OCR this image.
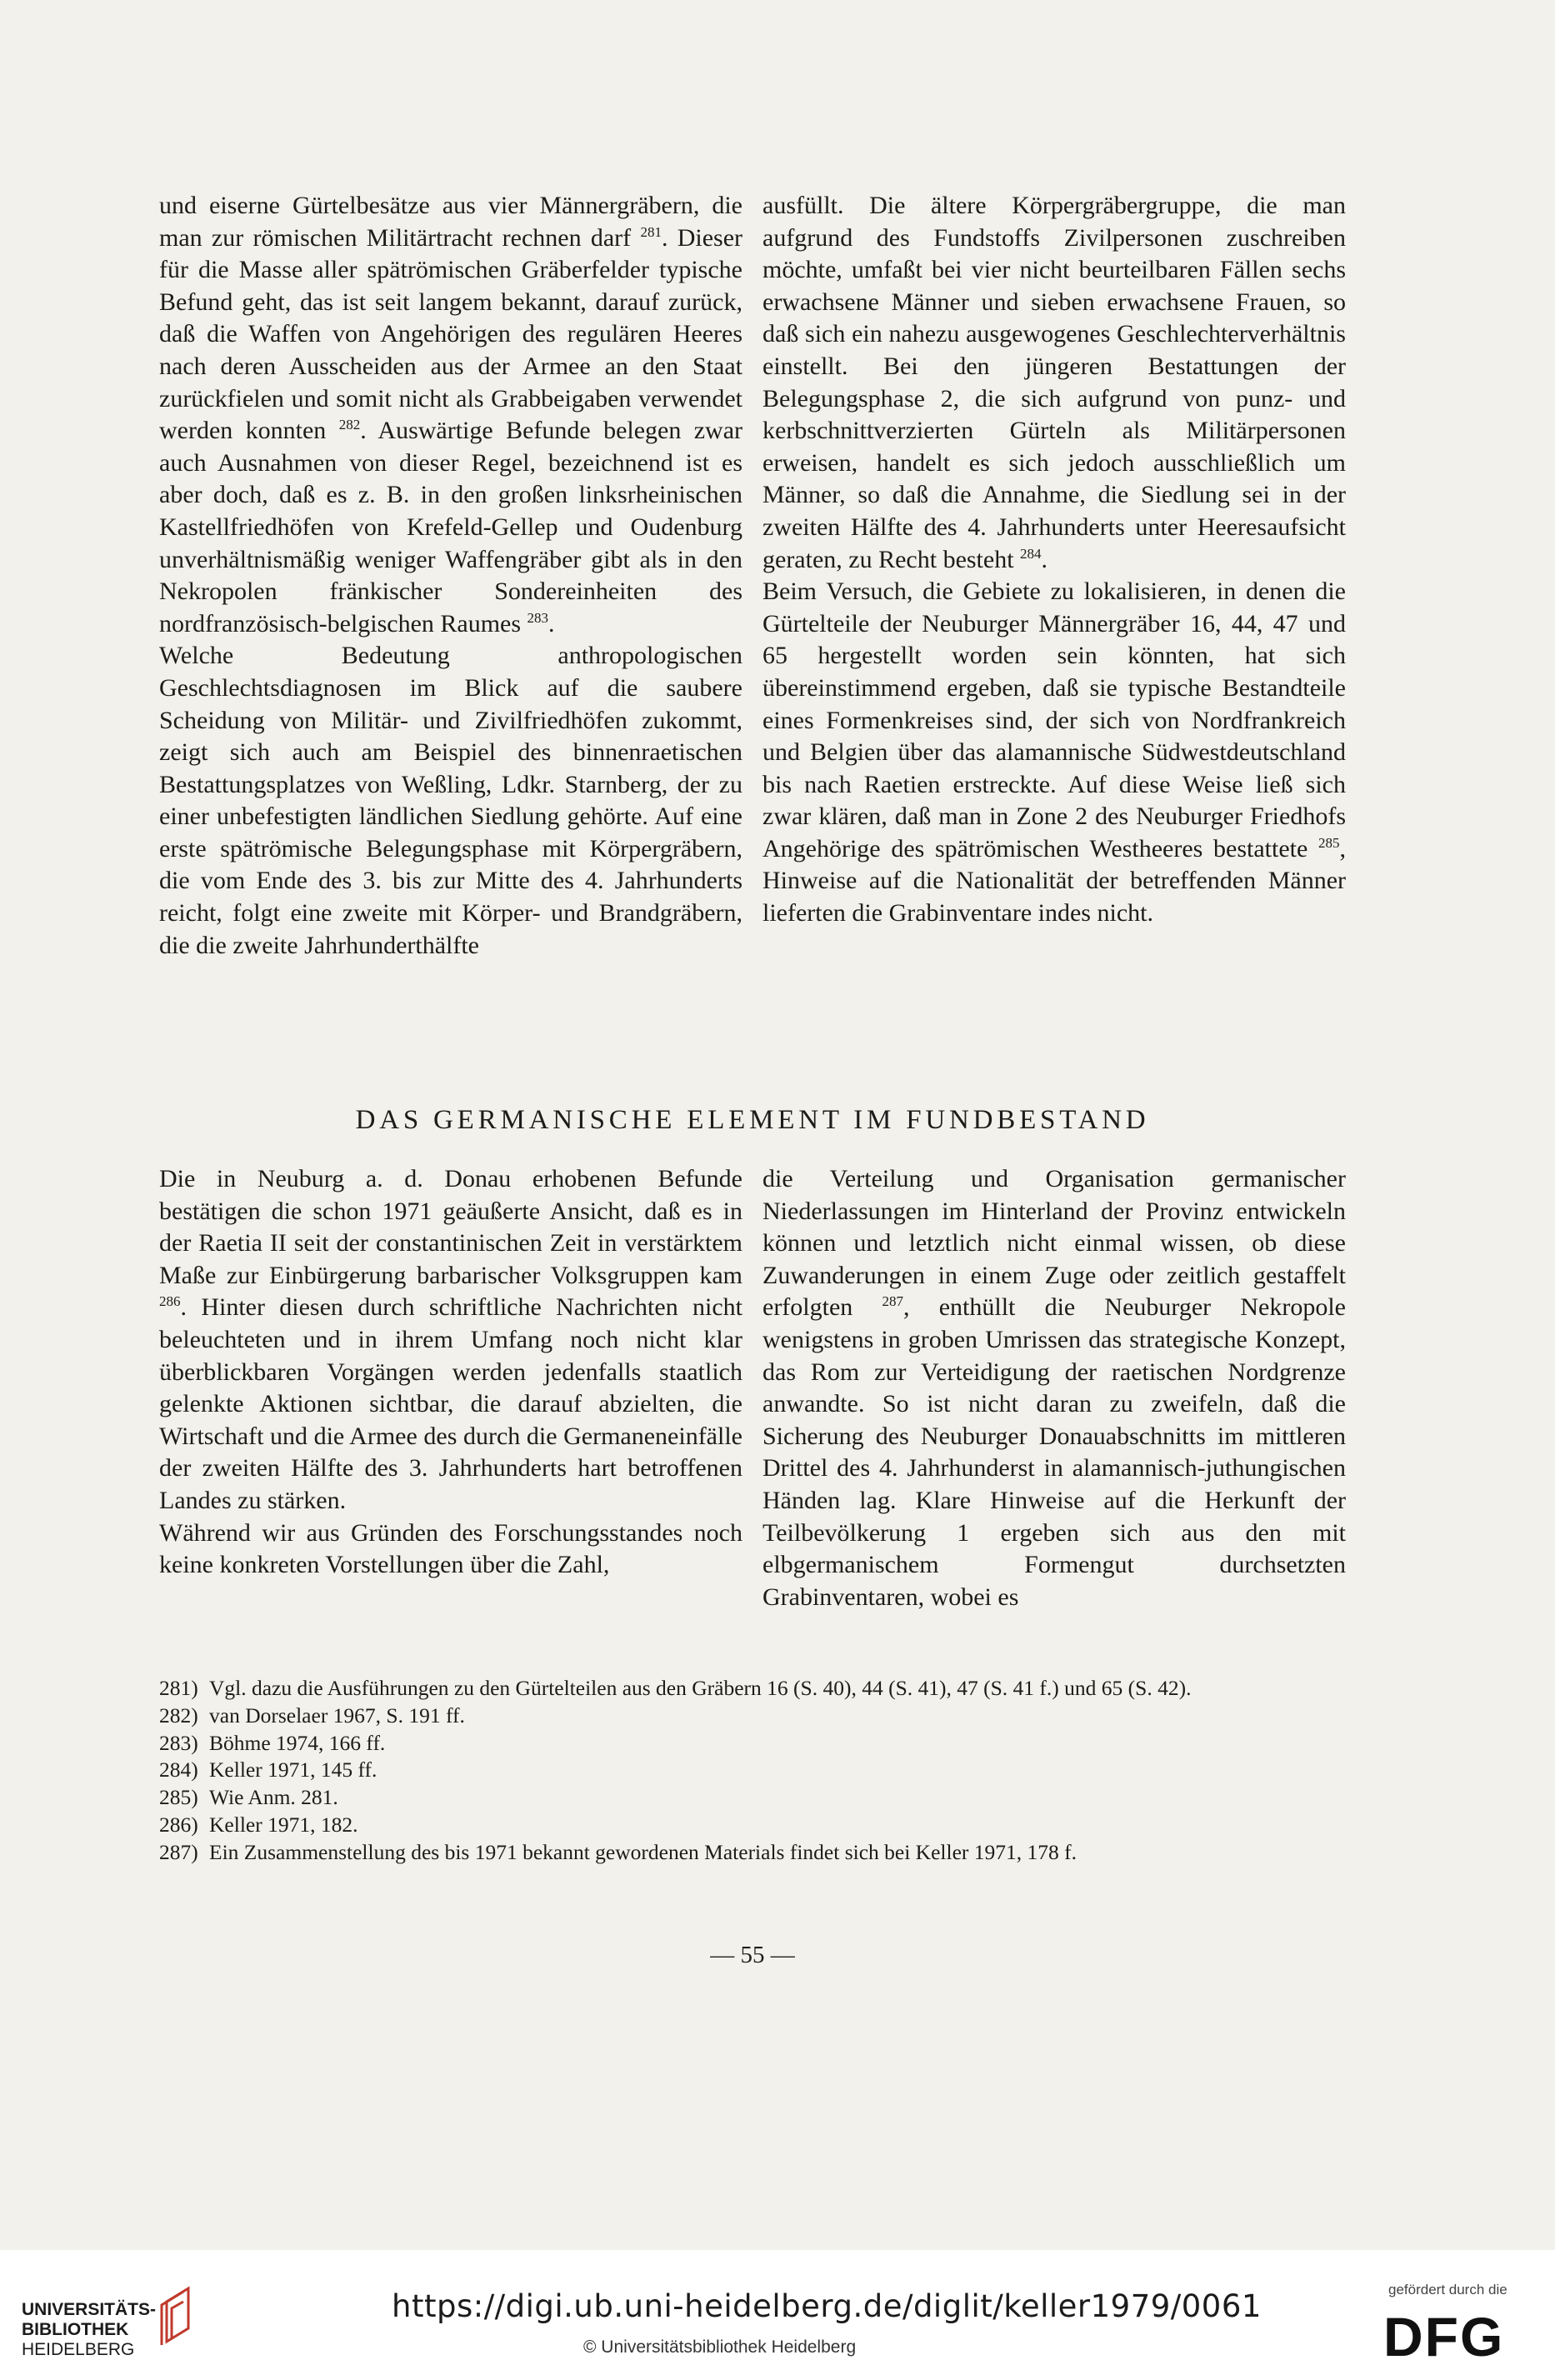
und eiserne Gürtelbesätze aus vier Männergräbern, die man zur römischen Militärtracht rechnen darf $^{281}$. Dieser für die Masse aller spätrömischen Gräberfelder typische Befund geht, das ist seit langem bekannt, darauf zurück, daß die Waffen von Angehörigen des regulären Heeres nach deren Ausscheiden aus der Armee an den Staat zurückfielen und somit nicht als Grabbeigaben verwendet werden konnten $^{282}$. Auswärtige Befunde belegen zwar auch Ausnahmen von dieser Regel, bezeichnend ist es aber doch, daß es z. B. in den großen linksrheinischen Kastellfriedhöfen von Krefeld-Gellep und Oudenburg unverhältnismäßig weniger Waffengräber gibt als in den Nekropolen fränkischer Sondereinheiten des nordfranzösisch-belgischen Raumes $^{283}$.

Welche Bedeutung anthropologischen Geschlechtsdiagnosen im Blick auf die saubere Scheidung von Militär- und Zivilfriedhöfen zukommt, zeigt sich auch am Beispiel des binnenraetischen Bestattungsplatzes von Weßling, Ldkr. Starnberg, der zu einer unbefestigten ländlichen Siedlung gehörte. Auf eine erste spätrömische Belegungsphase mit Körpergräbern, die vom Ende des 3. bis zur Mitte des 4. Jahrhunderts reicht, folgt eine zweite mit Körper- und Brandgräbern, die die zweite Jahrhunderthälfte

ausfüllt. Die ältere Körpergräbergruppe, die man aufgrund des Fundstoffs Zivilpersonen zuschreiben möchte, umfaßt bei vier nicht beurteilbaren Fällen sechs erwachsene Männer und sieben erwachsene Frauen, so daß sich ein nahezu ausgewogenes Geschlechterverhältnis einstellt. Bei den jüngeren Bestattungen der Belegungsphase 2, die sich aufgrund von punz- und kerbschnittverzierten Gürteln als Militärpersonen erweisen, handelt es sich jedoch ausschließlich um Männer, so daß die Annahme, die Siedlung sei in der zweiten Hälfte des 4. Jahrhunderts unter Heeresaufsicht geraten, zu Recht besteht $^{284}$.

Beim Versuch, die Gebiete zu lokalisieren, in denen die Gürtelteile der Neuburger Männergräber 16, 44, 47 und 65 hergestellt worden sein könnten, hat sich übereinstimmend ergeben, daß sie typische Bestandteile eines Formenkreises sind, der sich von Nordfrankreich und Belgien über das alamannische Südwestdeutschland bis nach Raetien erstreckte. Auf diese Weise ließ sich zwar klären, daß man in Zone 2 des Neuburger Friedhofs Angehörige des spätrömischen Westheeres bestattete $^{285}$, Hinweise auf die Nationalität der betreffenden Männer lieferten die Grabinventare indes nicht.

DAS GERMANISCHE ELEMENT IM FUNDBESTAND

Die in Neuburg a. d. Donau erhobenen Befunde bestätigen die schon 1971 geäußerte Ansicht, daß es in der Raetia II seit der constantinischen Zeit in verstärktem Maße zur Einbürgerung barbarischer Volksgruppen kam $^{286}$. Hinter diesen durch schriftliche Nachrichten nicht beleuchteten und in ihrem Umfang noch nicht klar überblickbaren Vorgängen werden jedenfalls staatlich gelenkte Aktionen sichtbar, die darauf abzielten, die Wirtschaft und die Armee des durch die Germaneneinfälle der zweiten Hälfte des 3. Jahrhunderts hart betroffenen Landes zu stärken.

Während wir aus Gründen des Forschungsstandes noch keine konkreten Vorstellungen über die Zahl,

die Verteilung und Organisation germanischer Niederlassungen im Hinterland der Provinz entwickeln können und letztlich nicht einmal wissen, ob diese Zuwanderungen in einem Zuge oder zeitlich gestaffelt erfolgten $^{287}$, enthüllt die Neuburger Nekropole wenigstens in groben Umrissen das strategische Konzept, das Rom zur Verteidigung der raetischen Nordgrenze anwandte. So ist nicht daran zu zweifeln, daß die Sicherung des Neuburger Donauabschnitts im mittleren Drittel des 4. Jahrhunderst in alamannisch-juthungischen Händen lag. Klare Hinweise auf die Herkunft der Teilbevölkerung 1 ergeben sich aus den mit elbgermanischem Formengut durchsetzten Grabinventaren, wobei es

281) Vgl. dazu die Ausführungen zu den Gürtelteilen aus den Gräbern 16 (S. 40), 44 (S. 41), 47 (S. 41 f.) und 65 (S. 42).
282) van Dorselaer 1967, S. 191 ff.
283) Böhme 1974, 166 ff.
284) Keller 1971, 145 ff.
285) Wie Anm. 281.
286) Keller 1971, 182.
287) Ein Zusammenstellung des bis 1971 bekannt gewordenen Materials findet sich bei Keller 1971, 178 f.
— 55 —
UNIVERSITÄTS-
BIBLIOTHEK
HEIDELBERG
https://digi.ub.uni-heidelberg.de/diglit/keller1979/0061
© Universitätsbibliothek Heidelberg
gefördert durch die
DFG
